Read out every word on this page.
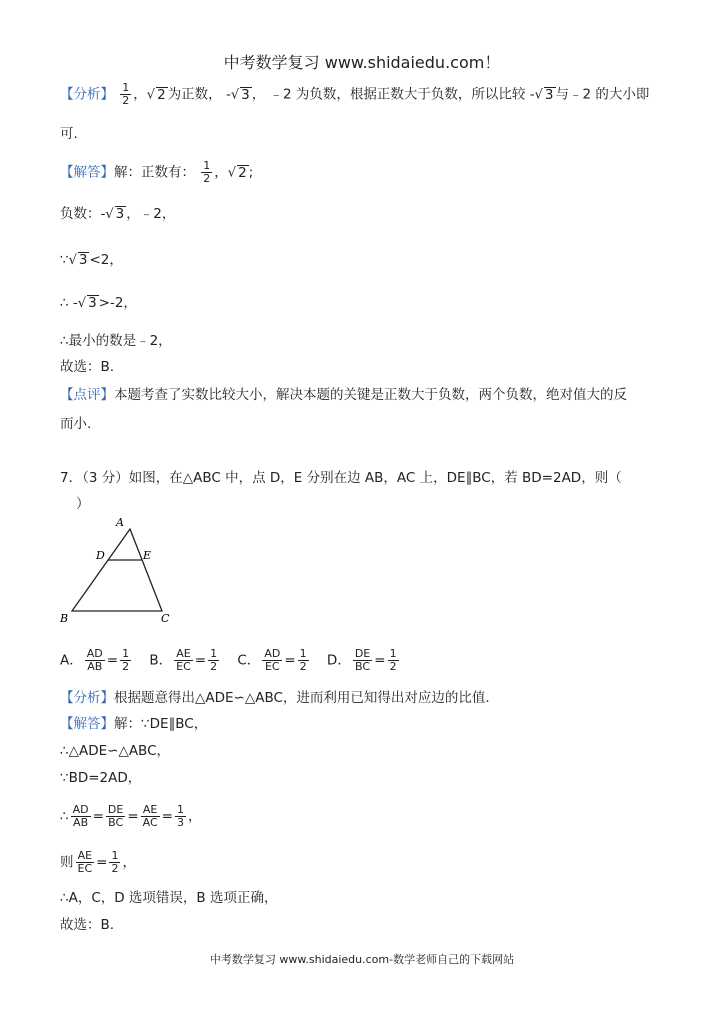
中考数学复习 www.shidaiedu.com！
【分析】 $\frac{1}{2}$ ，√ 2 为正数， -√ 3 ， ﹣2 为负数，根据正数大于负数，所以比较 -√ 3 与﹣2 的大小即
可.
【解答】解：正数有： $\frac{1}{2}$ ，√ 2 ;
负数：-√ 3 ，﹣2，
∵√ 3 <2，
∴ -√ 3 >-2，
∴最小的数是﹣2，
故选：B.
【点评】本题考查了实数比较大小，解决本题的关键是正数大于负数，两个负数，绝对值大的反
而小.
7．（3 分）如图，在△ABC 中，点 D，E 分别在边 AB，AC 上，DE∥BC，若 BD=2AD，则（
）
A
D	E
B	C
A． $\frac{AD}{AB} = \frac{1}{2}$ B． $\frac{AE}{EC} = \frac{1}{2}$ C． $\frac{AD}{EC} = \frac{1}{2}$ D． $\frac{DE}{BC} = \frac{1}{2}$
【分析】根据题意得出△ADE∽△ABC，进而利用已知得出对应边的比值.
【解答】解：∵DE∥BC，
∴△ADE∽△ABC，
∵BD=2AD，
∴ $\frac{AD}{AB} = \frac{DE}{BC} = \frac{AE}{AC} = \frac{1}{3}$ ，
则 $\frac{AE}{EC} = \frac{1}{2}$ ，
∴A，C，D 选项错误，B 选项正确，
故选：B.
中考数学复习 www.shidaiedu.com-数学老师自己的下载网站
